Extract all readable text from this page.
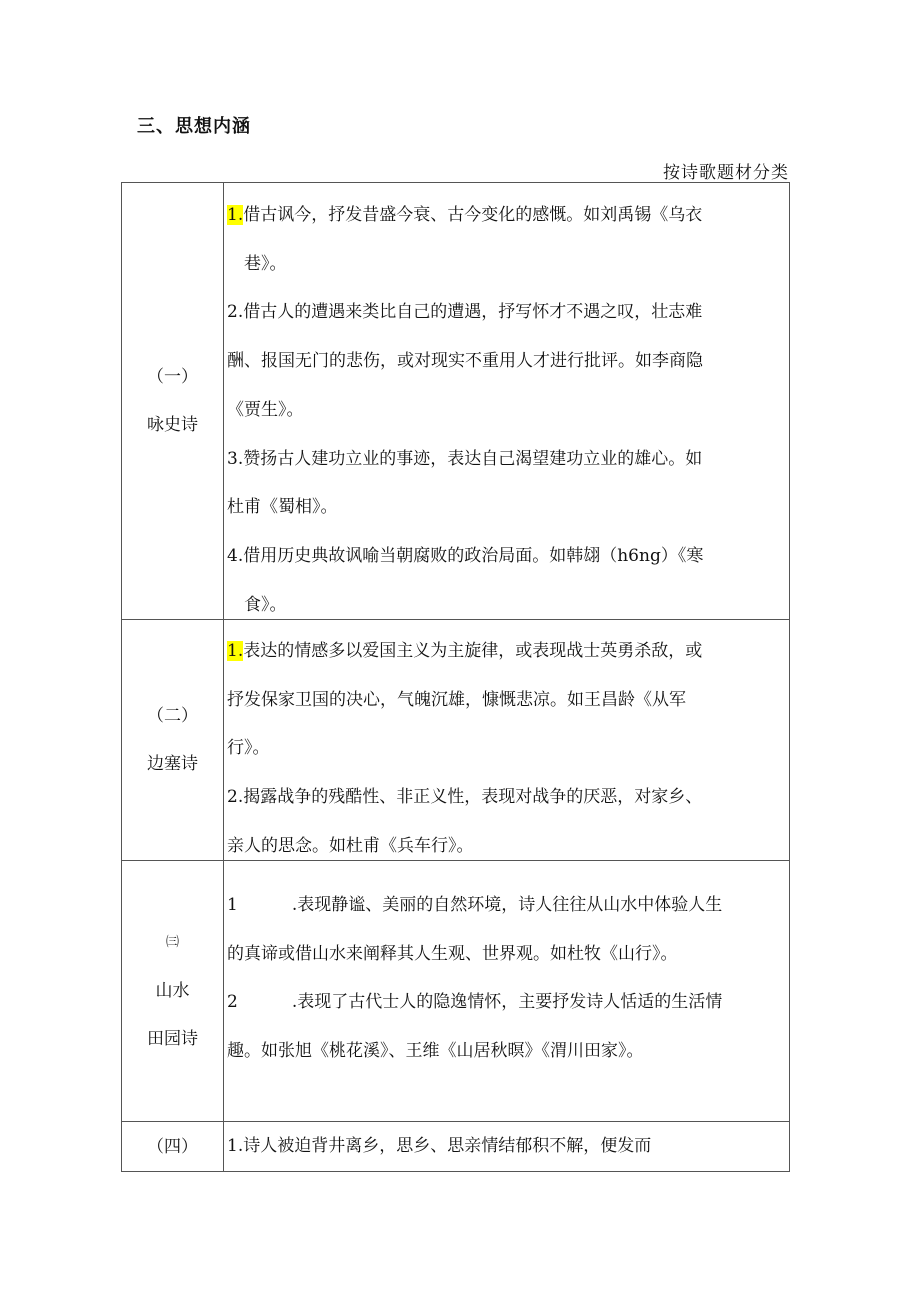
三、思想内涵
按诗歌题材分类
（一）
咏史诗
1.借古讽今，抒发昔盛今衰、古今变化的感慨。如刘禹锡《乌衣
巷》。
2.借古人的遭遇来类比自己的遭遇，抒写怀才不遇之叹，壮志难
酬、报国无门的悲伤，或对现实不重用人才进行批评。如李商隐
《贾生》。
3.赞扬古人建功立业的事迹，表达自己渴望建功立业的雄心。如
杜甫《蜀相》。
4.借用历史典故讽喻当朝腐败的政治局面。如韩翃（h6ng）《寒
食》。
（二）
边塞诗
1.表达的情感多以爱国主义为主旋律，或表现战士英勇杀敌，或
抒发保家卫国的决心，气魄沉雄，慷慨悲凉。如王昌龄《从军
行》。
2.揭露战争的残酷性、非正义性，表现对战争的厌恶，对家乡、
亲人的思念。如杜甫《兵车行》。
㈢
山水
田园诗
1	.表现静谧、美丽的自然环境，诗人往往从山水中体验人生
的真谛或借山水来阐释其人生观、世界观。如杜牧《山行》。
2	.表现了古代士人的隐逸情怀，主要抒发诗人恬适的生活情
趣。如张旭《桃花溪》、王维《山居秋暝》《渭川田家》。
（四） 1.诗人被迫背井离乡，思乡、思亲情结郁积不解，便发而
